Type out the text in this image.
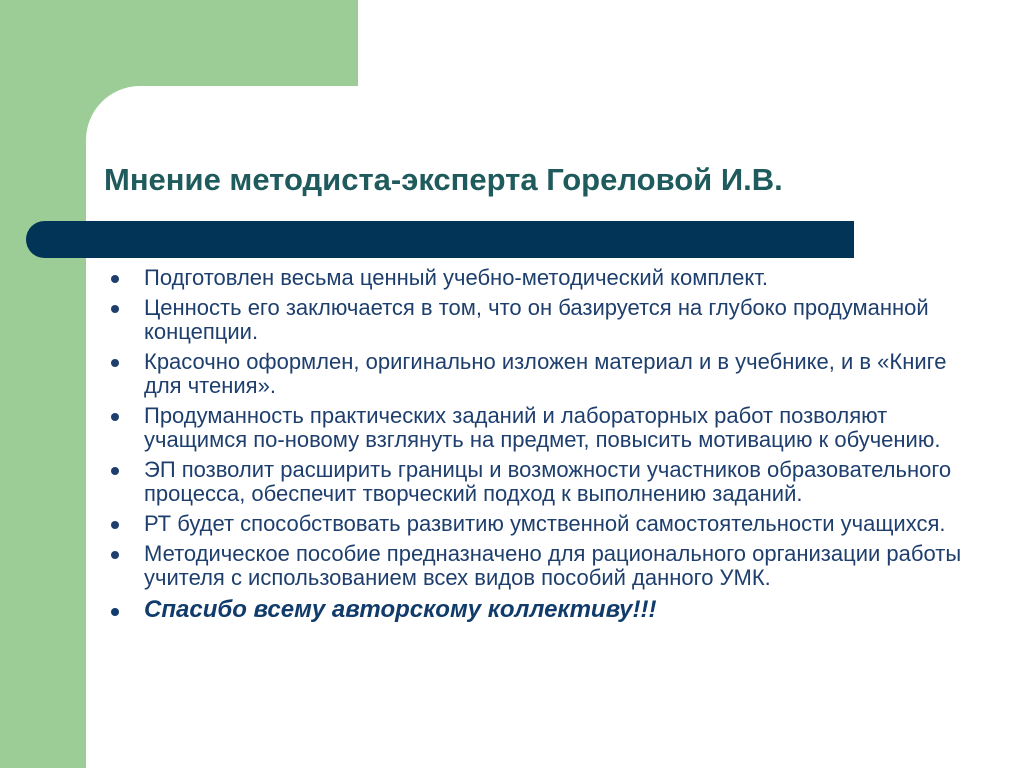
Мнение методиста-эксперта Гореловой И.В.
Подготовлен весьма ценный учебно-методический комплект.
Ценность его заключается в том, что он базируется на глубоко продуманной концепции.
Красочно оформлен, оригинально изложен материал и в учебнике, и в «Книге для чтения».
Продуманность практических заданий и лабораторных работ позволяют учащимся по-новому взглянуть на предмет, повысить мотивацию к обучению.
ЭП позволит расширить границы и возможности участников образовательного процесса, обеспечит творческий подход к выполнению заданий.
РТ будет способствовать развитию умственной самостоятельности учащихся.
Методическое пособие предназначено для рационального организации работы учителя с использованием всех видов пособий данного УМК.
Спасибо всему авторскому коллективу!!!
